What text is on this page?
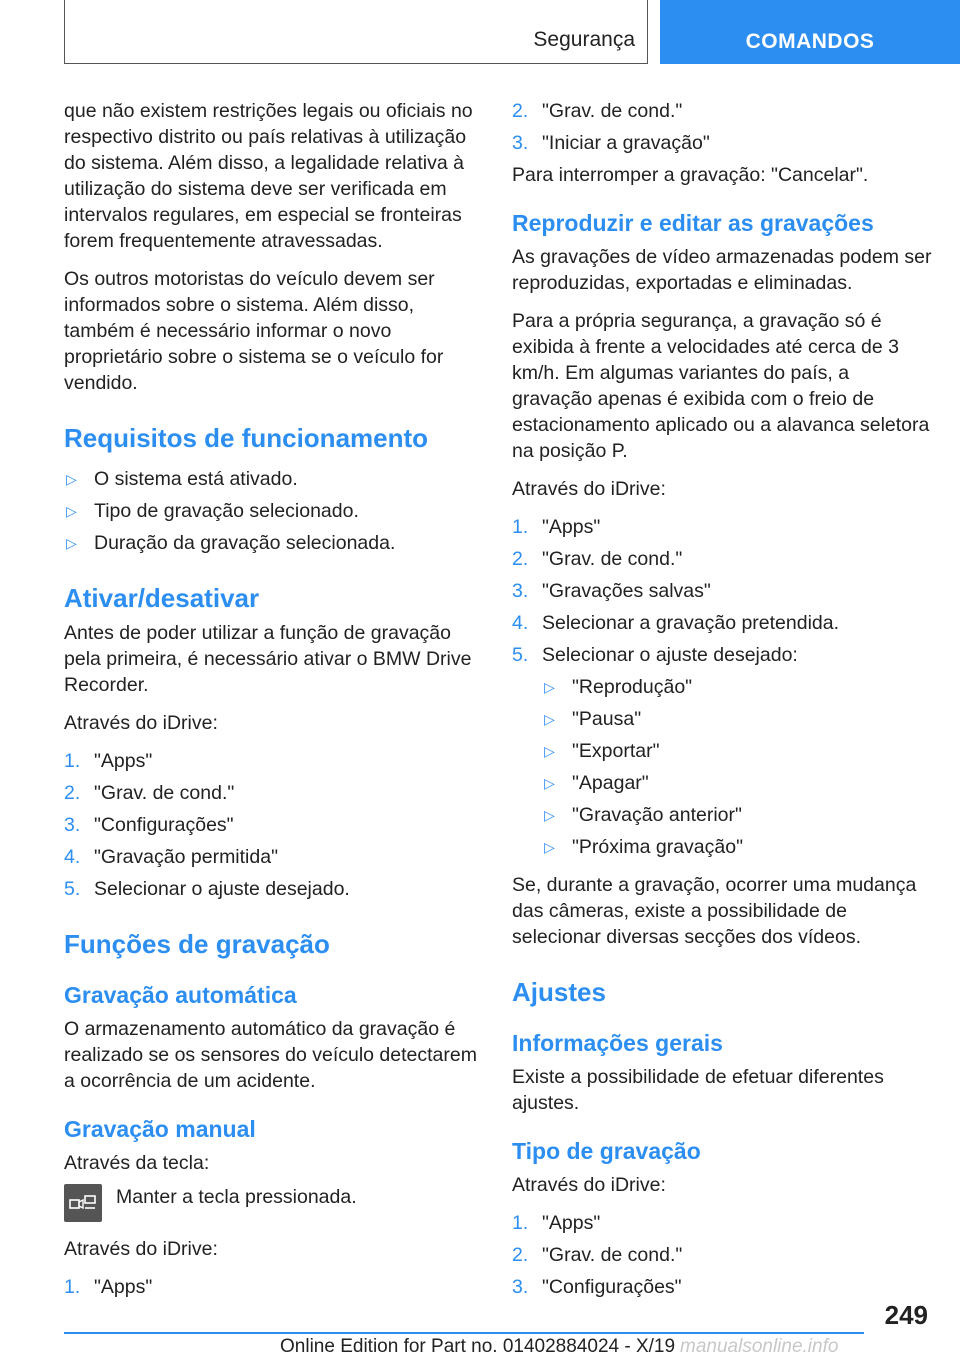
Segurança	COMANDOS

que não existem restrições legais ou oficiais no respectivo distrito ou país relativas à utilização do sistema. Além disso, a legalidade relativa à utilização do sistema deve ser verificada em intervalos regulares, em especial se fronteiras forem frequentemente atravessadas.

Os outros motoristas do veículo devem ser informados sobre o sistema. Além disso, também é necessário informar o novo proprietário sobre o sistema se o veículo for vendido.

Requisitos de funcionamento
▷ O sistema está ativado.
▷ Tipo de gravação selecionado.
▷ Duração da gravação selecionada.
Ativar/desativar

Antes de poder utilizar a função de gravação pela primeira, é necessário ativar o BMW Drive Recorder.

Através do iDrive:

1. "Apps"
2. "Grav. de cond."
3. "Configurações"
4. "Gravação permitida"
5. Selecionar o ajuste desejado.
Funções de gravação
Gravação automática

O armazenamento automático da gravação é realizado se os sensores do veículo detectarem a ocorrência de um acidente.

Gravação manual

Através da tecla:

Manter a tecla pressionada.

Através do iDrive:

1. "Apps"
2. "Grav. de cond."
3. "Iniciar a gravação"

Para interromper a gravação: "Cancelar".

Reproduzir e editar as gravações

As gravações de vídeo armazenadas podem ser reproduzidas, exportadas e eliminadas.

Para a própria segurança, a gravação só é exibida à frente a velocidades até cerca de 3 km/h. Em algumas variantes do país, a gravação apenas é exibida com o freio de estacionamento aplicado ou a alavanca seletora na posição P.

Através do iDrive:

1. "Apps"
2. "Grav. de cond."
3. "Gravações salvas"
4. Selecionar a gravação pretendida.
5. Selecionar o ajuste desejado:
▷ "Reprodução"
▷ "Pausa"
▷ "Exportar"
▷ "Apagar"
▷ "Gravação anterior"
▷ "Próxima gravação"

Se, durante a gravação, ocorrer uma mudança das câmeras, existe a possibilidade de selecionar diversas secções dos vídeos.

Ajustes
Informações gerais

Existe a possibilidade de efetuar diferentes ajustes.

Tipo de gravação

Através do iDrive:

1. "Apps"
2. "Grav. de cond."
3. "Configurações"
249
Online Edition for Part no. 01402884024 - X/19 manualsonline.info
